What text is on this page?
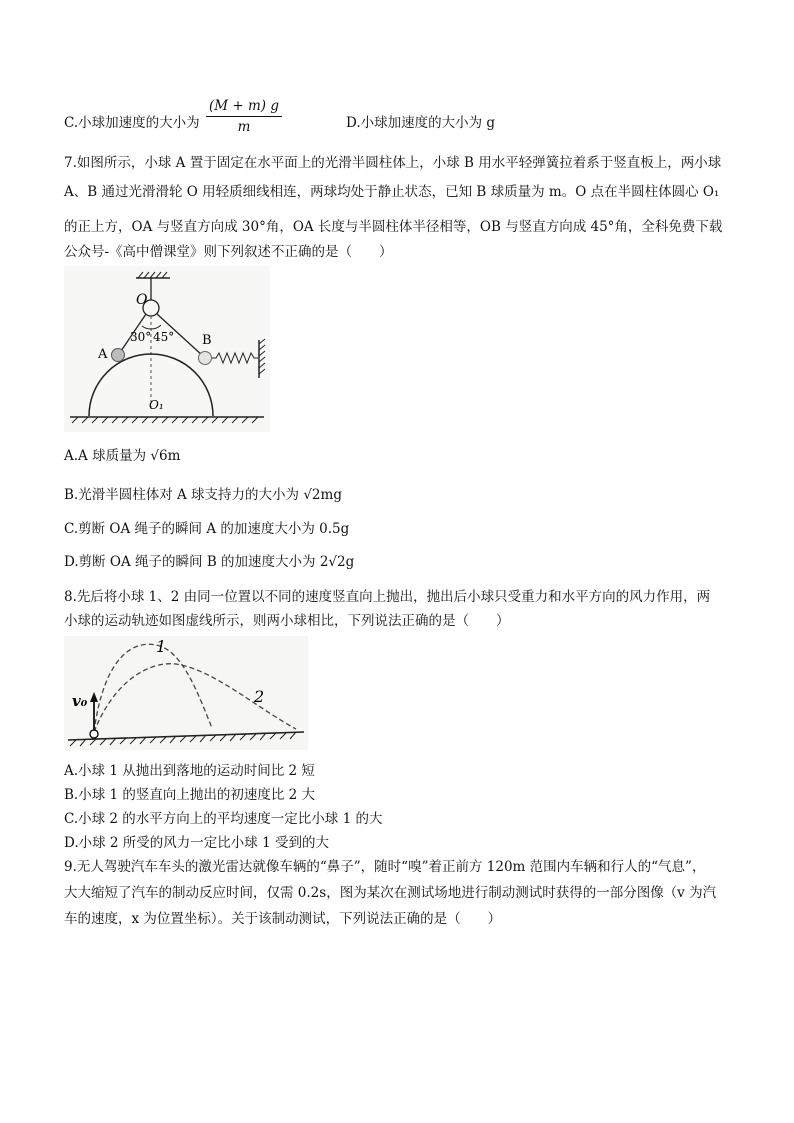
C.小球加速度的大小为 $\frac{(M + m) g}{m}$	D.小球加速度的大小为 g
7.如图所示，小球 A 置于固定在水平面上的光滑半圆柱体上，小球 B 用水平轻弹簧拉着系于竖直板上，两小球
A、B 通过光滑滑轮 O 用轻质细线相连，两球均处于静止状态，已知 B 球质量为 m。O 点在半圆柱体圆心 O₁
的正上方，OA 与竖直方向成 30°角，OA 长度与半圆柱体半径相等，OB 与竖直方向成 45°角，全科免费下载
公众号-《高中僧课堂》则下列叙述不正确的是（　　）
O
30° 45°
A
B
O₁
A.A 球质量为 √6m
B.光滑半圆柱体对 A 球支持力的大小为 √2mg
C.剪断 OA 绳子的瞬间 A 的加速度大小为 0.5g
D.剪断 OA 绳子的瞬间 B 的加速度大小为 2√2g
8.先后将小球 1、2 由同一位置以不同的速度竖直向上抛出，抛出后小球只受重力和水平方向的风力作用，两
小球的运动轨迹如图虚线所示，则两小球相比，下列说法正确的是（　　）
1
2
v₀
A.小球 1 从抛出到落地的运动时间比 2 短
B.小球 1 的竖直向上抛出的初速度比 2 大
C.小球 2 的水平方向上的平均速度一定比小球 1 的大
D.小球 2 所受的风力一定比小球 1 受到的大
9.无人驾驶汽车车头的激光雷达就像车辆的“鼻子”，随时“嗅”着正前方 120m 范围内车辆和行人的“气息”，
大大缩短了汽车的制动反应时间，仅需 0.2s，图为某次在测试场地进行制动测试时获得的一部分图像（v 为汽
车的速度，x 为位置坐标）。关于该制动测试，下列说法正确的是（　　）
